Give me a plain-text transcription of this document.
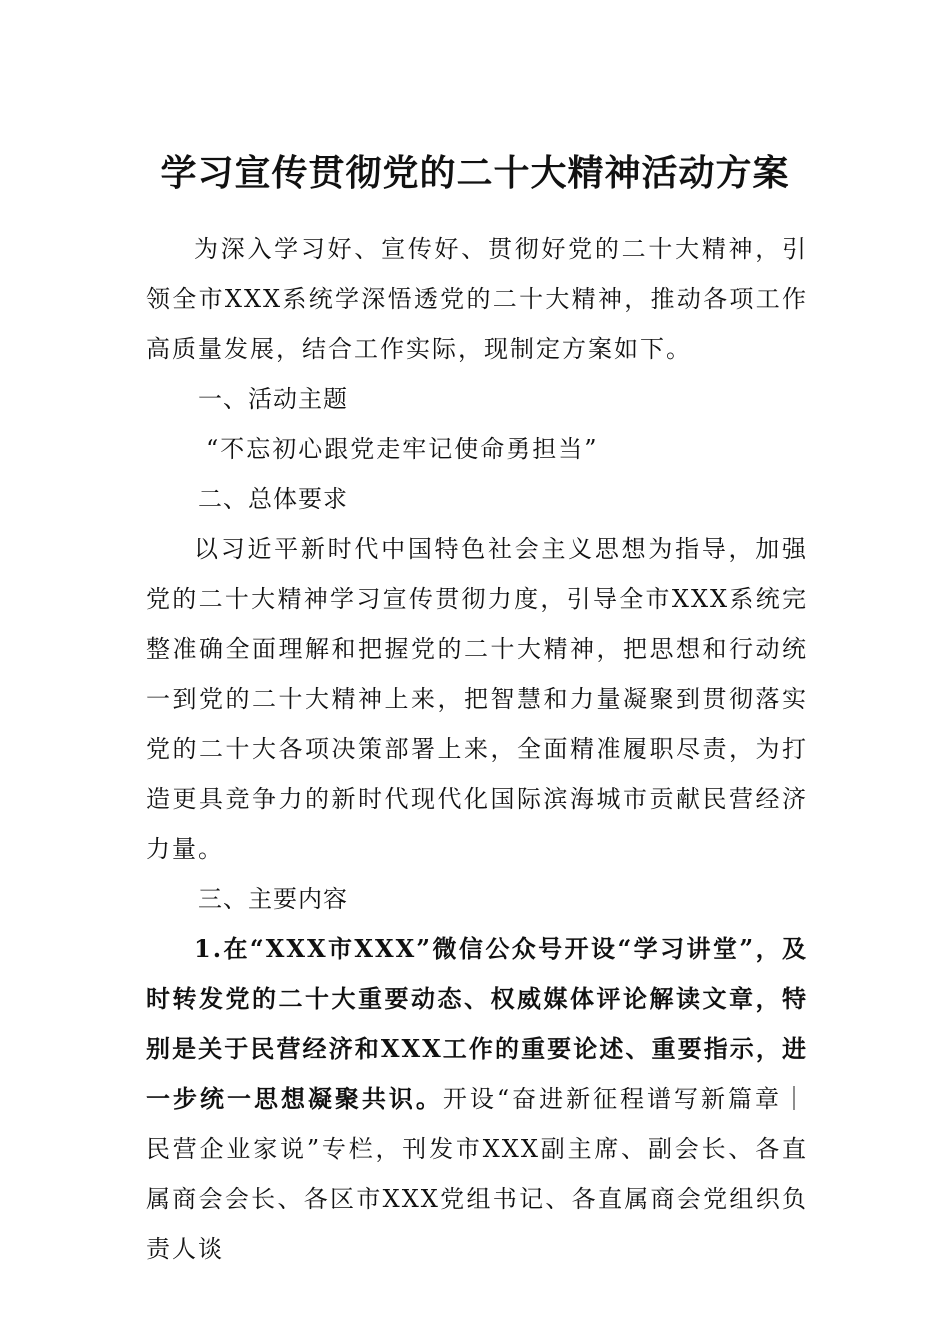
学习宣传贯彻党的二十大精神活动方案

为深入学习好、宣传好、贯彻好党的二十大精神，引领全市XXX系统学深悟透党的二十大精神，推动各项工作高质量发展，结合工作实际，现制定方案如下。

一、活动主题

“不忘初心跟党走牢记使命勇担当”

二、总体要求

以习近平新时代中国特色社会主义思想为指导，加强党的二十大精神学习宣传贯彻力度，引导全市XXX系统完整准确全面理解和把握党的二十大精神，把思想和行动统一到党的二十大精神上来，把智慧和力量凝聚到贯彻落实党的二十大各项决策部署上来，全面精准履职尽责，为打造更具竞争力的新时代现代化国际滨海城市贡献民营经济力量。

三、主要内容

1.在“XXX市XXX”微信公众号开设“学习讲堂”，及时转发党的二十大重要动态、权威媒体评论解读文章，特别是关于民营经济和XXX工作的重要论述、重要指示，进一步统一思想凝聚共识。开设“奋进新征程谱写新篇章｜民营企业家说”专栏，刊发市XXX副主席、副会长、各直属商会会长、各区市XXX党组书记、各直属商会党组织负责人谈
